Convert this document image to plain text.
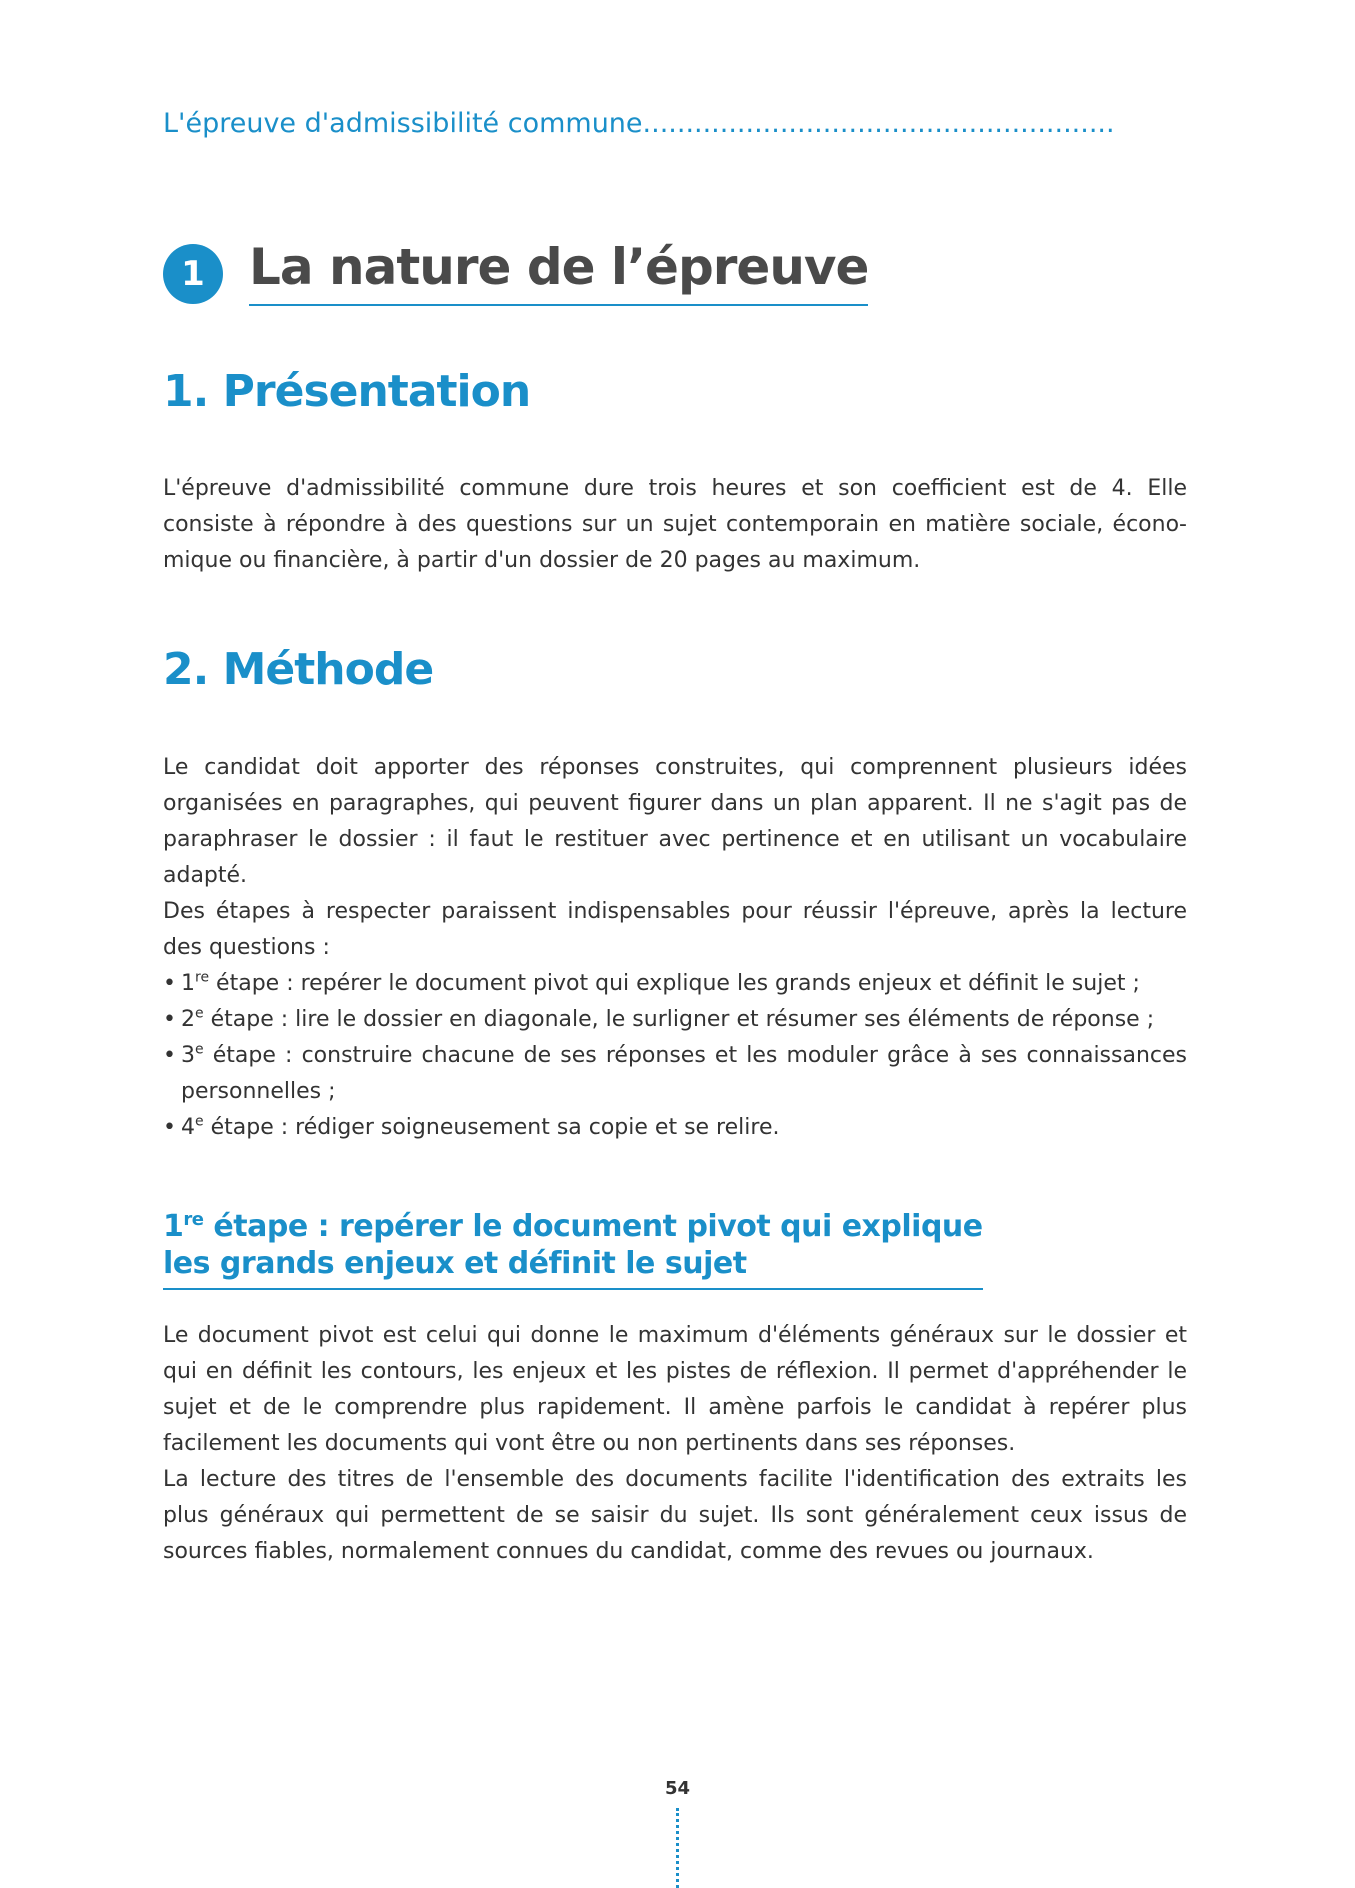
L'épreuve d'admissibilité commune.......................................................
1 La nature de l’épreuve
1. Présentation

L'épreuve d'admissibilité commune dure trois heures et son coefficient est de 4. Elle consiste à répondre à des questions sur un sujet contemporain en matière sociale, économique ou financière, à partir d'un dossier de 20 pages au maximum.

2. Méthode

Le candidat doit apporter des réponses construites, qui comprennent plusieurs idées organisées en paragraphes, qui peuvent figurer dans un plan apparent. Il ne s'agit pas de paraphraser le dossier : il faut le restituer avec pertinence et en utilisant un vocabulaire adapté.

Des étapes à respecter paraissent indispensables pour réussir l'épreuve, après la lecture des questions :

• 1re étape : repérer le document pivot qui explique les grands enjeux et définit le sujet ;
• 2e étape : lire le dossier en diagonale, le surligner et résumer ses éléments de réponse ;
• 3e étape : construire chacune de ses réponses et les moduler grâce à ses connaissances personnelles ;
• 4e étape : rédiger soigneusement sa copie et se relire.
1re étape : repérer le document pivot qui explique
les grands enjeux et définit le sujet

Le document pivot est celui qui donne le maximum d'éléments généraux sur le dossier et qui en définit les contours, les enjeux et les pistes de réflexion. Il permet d'appréhender le sujet et de le comprendre plus rapidement. Il amène parfois le candidat à repérer plus facilement les documents qui vont être ou non pertinents dans ses réponses.

La lecture des titres de l'ensemble des documents facilite l'identification des extraits les plus généraux qui permettent de se saisir du sujet. Ils sont généralement ceux issus de sources fiables, normalement connues du candidat, comme des revues ou journaux.

54
